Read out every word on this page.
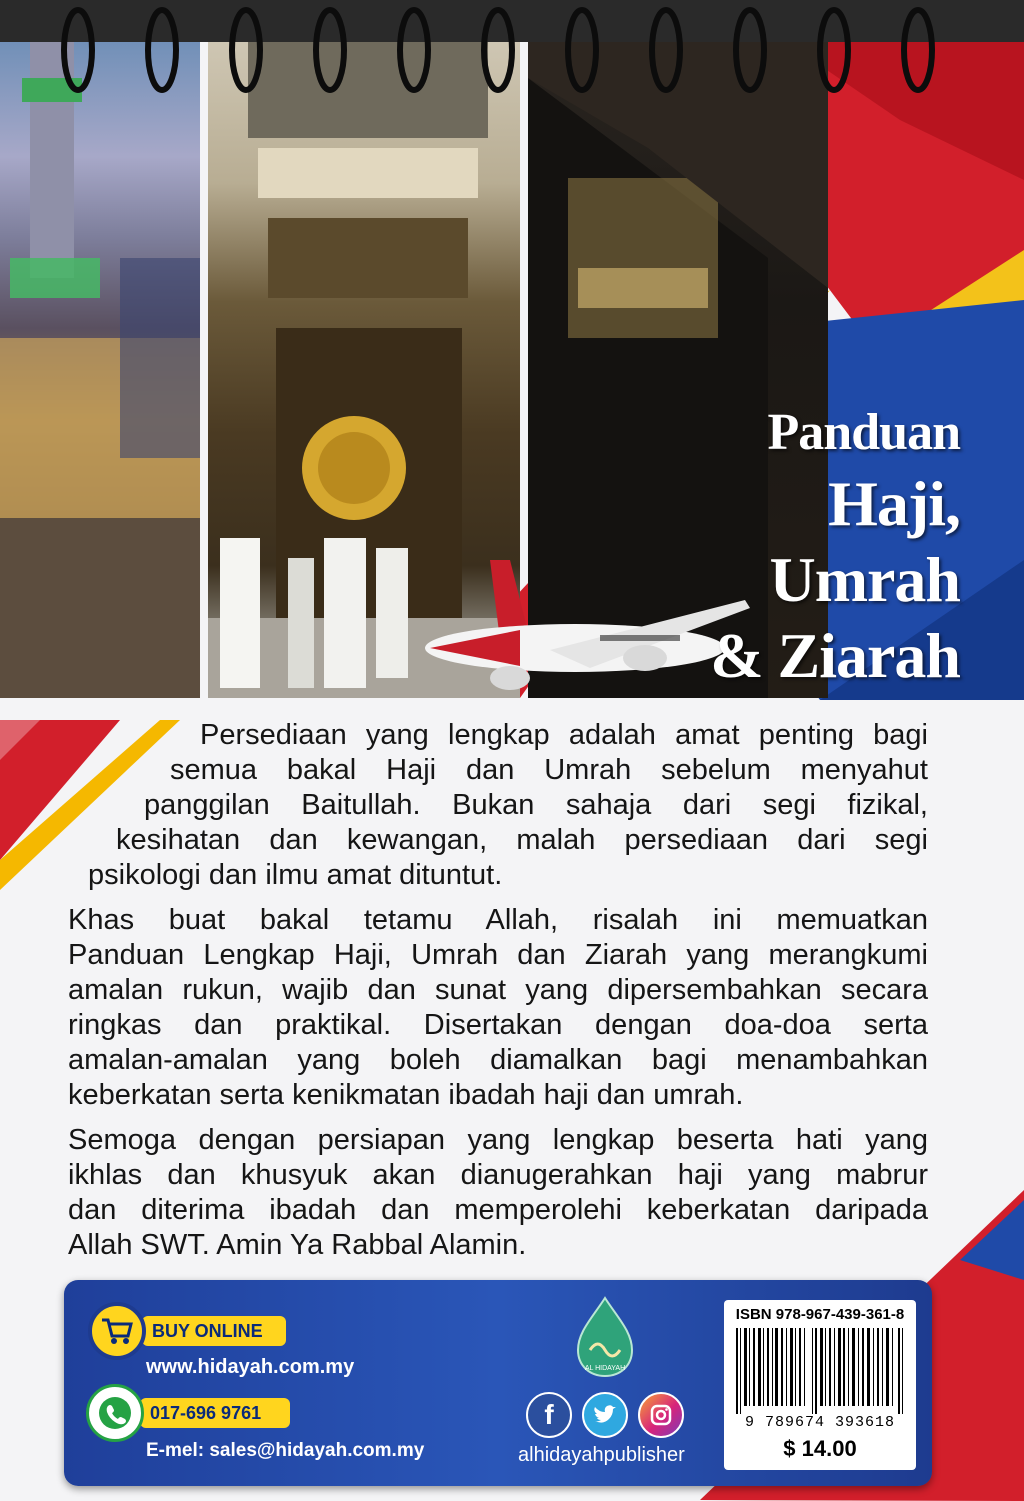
Panduan
Haji, Umrah
& Ziarah

Persediaan yang lengkap adalah amat penting bagi
semua bakal Haji dan Umrah sebelum menyahut
panggilan Baitullah. Bukan sahaja dari segi fizikal,
kesihatan dan kewangan, malah persediaan dari segi
psikologi dan ilmu amat dituntut.

Khas buat bakal tetamu Allah, risalah ini memuatkan
Panduan Lengkap Haji, Umrah dan Ziarah yang merangkumi
amalan rukun, wajib dan sunat yang dipersembahkan secara
ringkas dan praktikal. Disertakan dengan doa-doa serta
amalan-amalan yang boleh diamalkan bagi menambahkan
keberkatan serta kenikmatan ibadah haji dan umrah.

Semoga dengan persiapan yang lengkap beserta hati yang
ikhlas dan khusyuk akan dianugerahkan haji yang mabrur
dan diterima ibadah dan memperolehi keberkatan daripada
Allah SWT. Amin Ya Rabbal Alamin.

BUY ONLINE
www.hidayah.com.my
017-696 9761
E-mel: sales@hidayah.com.my
AL HIDAYAH
f
alhidayahpublisher
ISBN 978-967-439-361-8
9 789674 393618
$ 14.00
